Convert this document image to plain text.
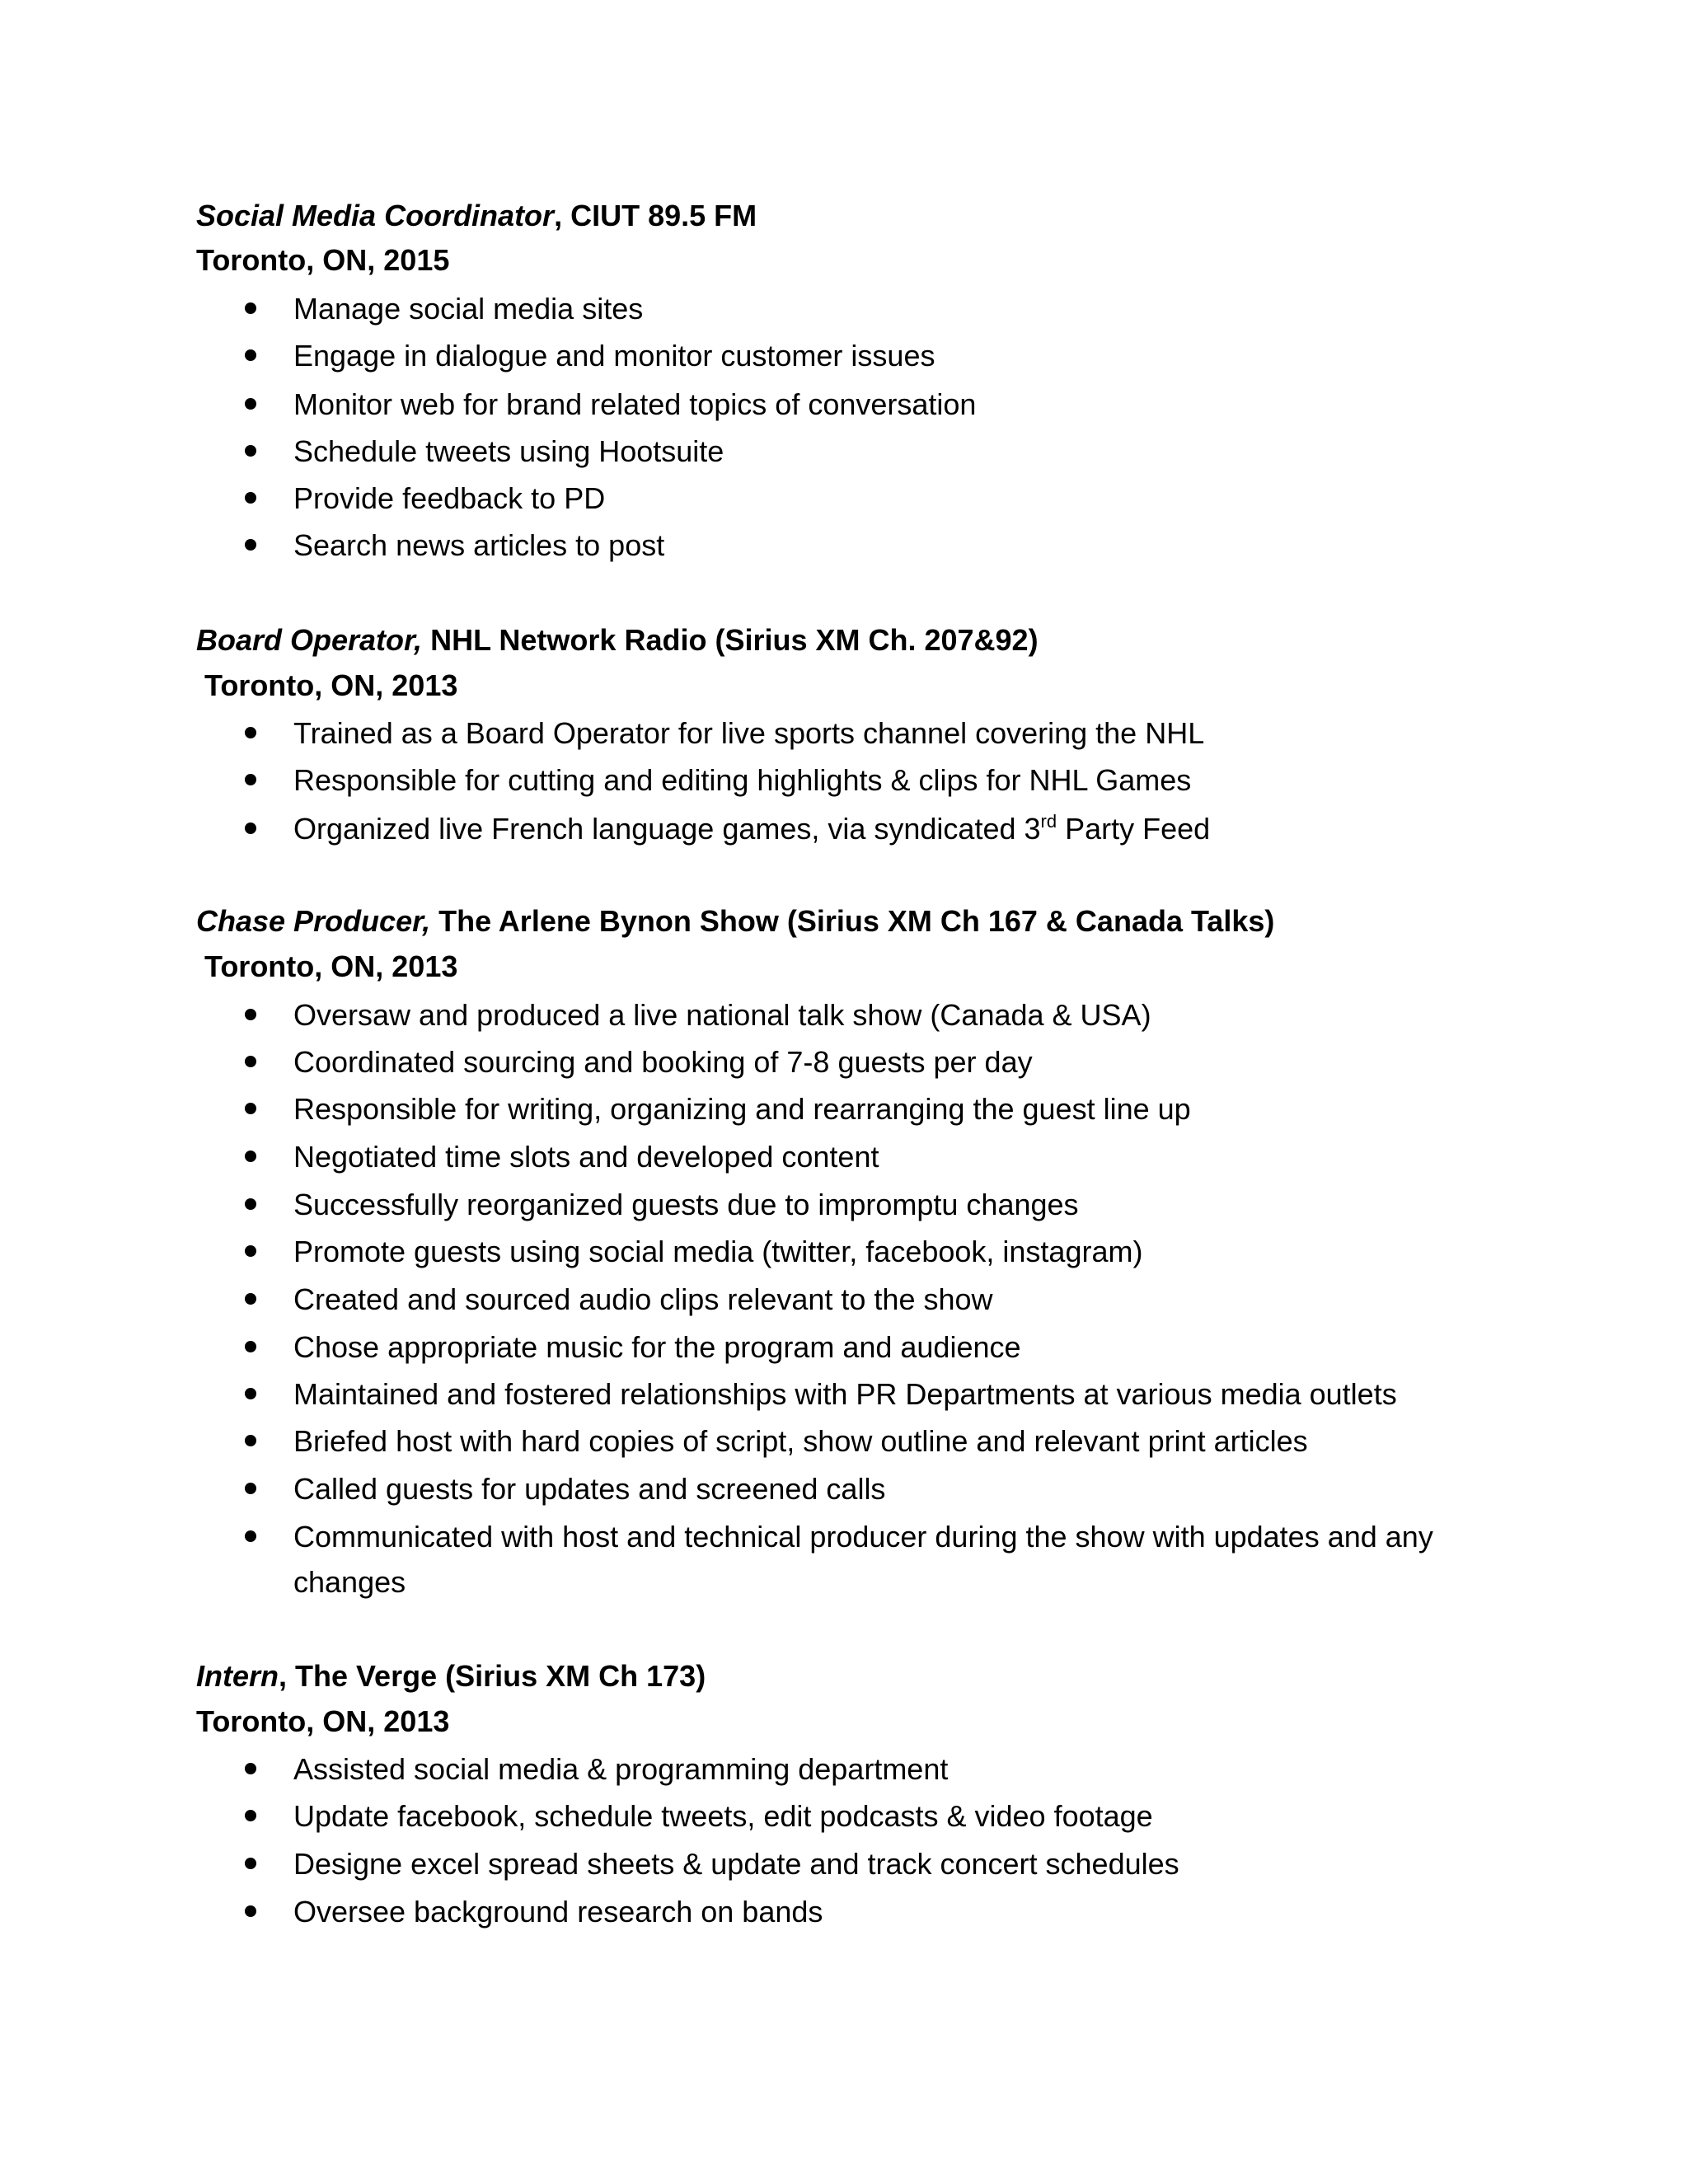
Social Media Coordinator, CIUT 89.5 FM
Toronto, ON, 2015
Manage social media sites
Engage in dialogue and monitor customer issues
Monitor web for brand related topics of conversation
Schedule tweets using Hootsuite
Provide feedback to PD
Search news articles to post
Board Operator, NHL Network Radio (Sirius XM Ch. 207&92)
Toronto, ON, 2013
Trained as a Board Operator for live sports channel covering the NHL
Responsible for cutting and editing highlights & clips for NHL Games
Organized live French language games, via syndicated 3rd Party Feed
Chase Producer, The Arlene Bynon Show (Sirius XM Ch 167 & Canada Talks)
Toronto, ON, 2013
Oversaw and produced a live national talk show (Canada & USA)
Coordinated sourcing and booking of 7-8 guests per day
Responsible for writing, organizing and rearranging the guest line up
Negotiated time slots and developed content
Successfully reorganized guests due to impromptu changes
Promote guests using social media (twitter, facebook, instagram)
Created and sourced audio clips relevant to the show
Chose appropriate music for the program and audience
Maintained and fostered relationships with PR Departments at various media outlets
Briefed host with hard copies of script, show outline and relevant print articles
Called guests for updates and screened calls
Communicated with host and technical producer during the show with updates and any
changes
Intern, The Verge (Sirius XM Ch 173)
Toronto, ON, 2013
Assisted social media & programming department
Update facebook, schedule tweets, edit podcasts & video footage
Designe excel spread sheets & update and track concert schedules
Oversee background research on bands
